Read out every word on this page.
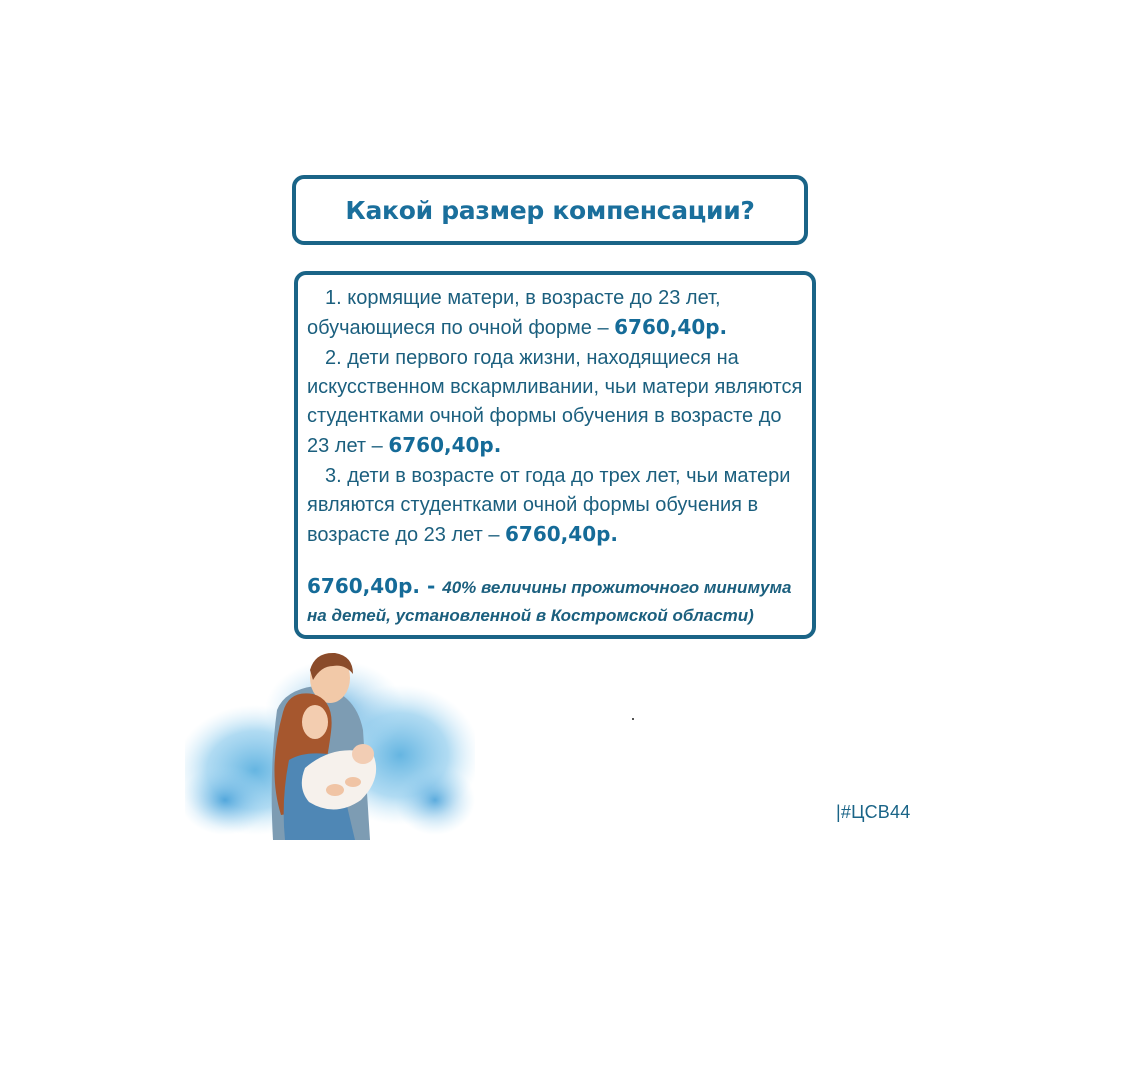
Какой размер компенсации?

1. кормящие матери, в возрасте до 23 лет, обучающиеся по очной форме – 6760,40р.

2. дети первого года жизни, находящиеся на искусственном вскармливании, чьи матери являются студентками очной формы обучения в возрасте до 23 лет – 6760,40р.

3. дети в возрасте от года до трех лет, чьи матери являются студентками очной формы обучения в возрасте до 23 лет – 6760,40р.

6760,40р. - 40% величины прожиточного минимума на детей, установленной в Костромской области)
|#ЦСВ44
